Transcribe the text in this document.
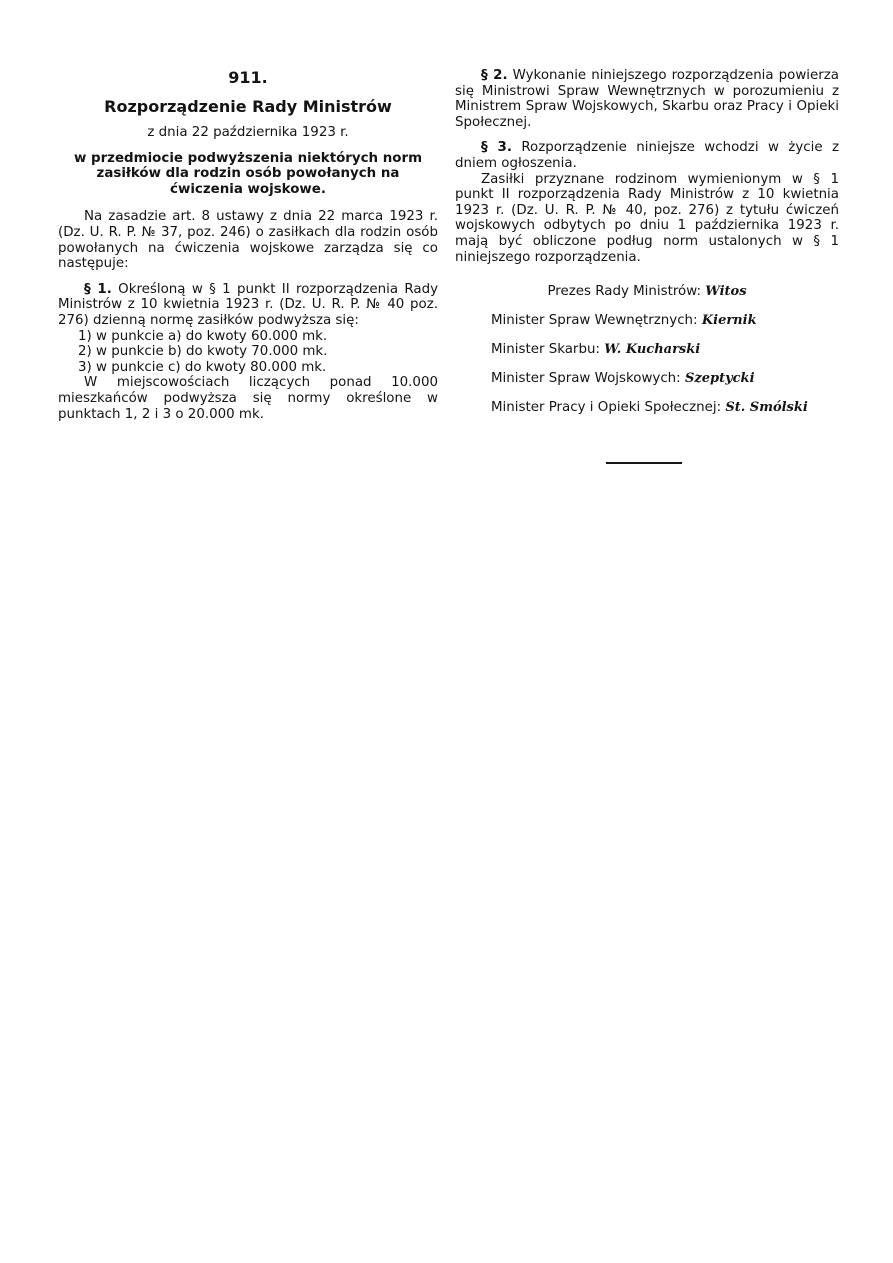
911.
Rozporządzenie Rady Ministrów
z dnia 22 października 1923 r.
w przedmiocie podwyższenia niektórych norm zasiłków dla rodzin osób powołanych na ćwiczenia wojskowe.

Na zasadzie art. 8 ustawy z dnia 22 marca 1923 r. (Dz. U. R. P. № 37, poz. 246) o zasiłkach dla rodzin osób powołanych na ćwiczenia wojskowe zarządza się co następuje:

§ 1. Określoną w § 1 punkt II rozporządzenia Rady Ministrów z 10 kwietnia 1923 r. (Dz. U. R. P. № 40 poz. 276) dzienną normę zasiłków podwyższa się:

1) w punkcie a) do kwoty 60.000 mk.
2) w punkcie b) do kwoty 70.000 mk.
3) w punkcie c) do kwoty 80.000 mk.

W miejscowościach liczących ponad 10.000 mieszkańców podwyższa się normy określone w punktach 1, 2 i 3 o 20.000 mk.

§ 2. Wykonanie niniejszego rozporządzenia powierza się Ministrowi Spraw Wewnętrznych w porozumieniu z Ministrem Spraw Wojskowych, Skarbu oraz Pracy i Opieki Społecznej.

§ 3. Rozporządzenie niniejsze wchodzi w życie z dniem ogłoszenia.

Zasiłki przyznane rodzinom wymienionym w § 1 punkt II rozporządzenia Rady Ministrów z 10 kwietnia 1923 r. (Dz. U. R. P. № 40, poz. 276) z tytułu ćwiczeń wojskowych odbytych po dniu 1 października 1923 r. mają być obliczone podług norm ustalonych w § 1 niniejszego rozporządzenia.

Prezes Rady Ministrów: Witos
Minister Spraw Wewnętrznych: Kiernik
Minister Skarbu: W. Kucharski
Minister Spraw Wojskowych: Szeptycki
Minister Pracy i Opieki Społecznej: St. Smólski
